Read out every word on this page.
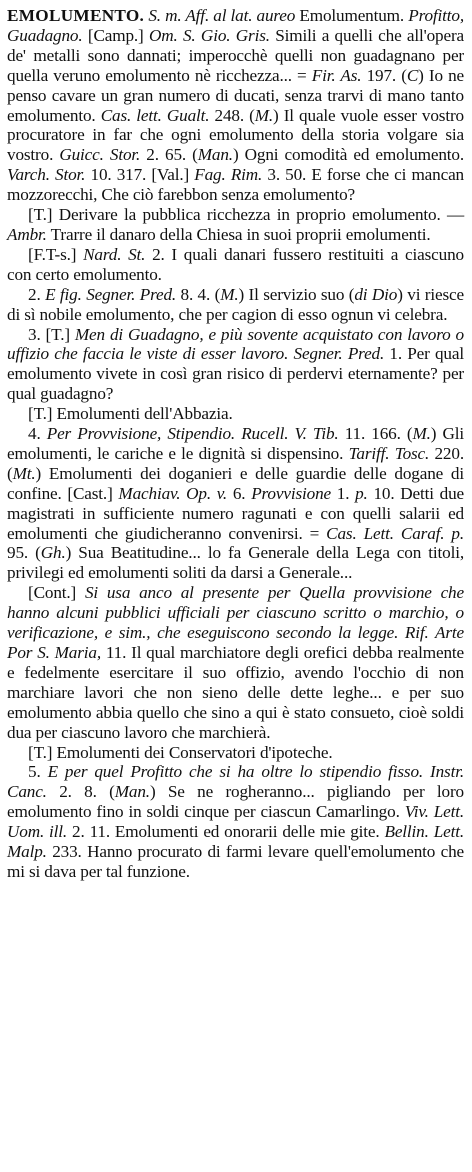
EMOLUMENTO. S. m. Aff. al lat. aureo Emolumentum. Profitto, Guadagno. [Camp.] Om. S. Gio. Gris. Simili a quelli che all'opera de' metalli sono dannati; imperocchè quelli non guadagnano per quella veruno emolumento nè ricchezza... = Fir. As. 197. (C) Io ne penso cavare un gran numero di ducati, senza trarvi di mano tanto emolumento. Cas. lett. Gualt. 248. (M.) Il quale vuole esser vostro procuratore in far che ogni emolumento della storia volgare sia vostro. Guicc. Stor. 2. 65. (Man.) Ogni comodità ed emolumento. Varch. Stor. 10. 317. [Val.] Fag. Rim. 3. 50. E forse che ci mancan mozzorecchi, Che ciò farebbon senza emolumento?

[T.] Derivare la pubblica ricchezza in proprio emolumento. — Ambr. Trarre il danaro della Chiesa in suoi proprii emolumenti.

[F.T-s.] Nard. St. 2. I quali danari fussero restituiti a ciascuno con certo emolumento.

2. E fig. Segner. Pred. 8. 4. (M.) Il servizio suo (di Dio) vi riesce di sì nobile emolumento, che per cagion di esso ognun vi celebra.

3. [T.] Men di Guadagno, e più sovente acquistato con lavoro o uffizio che faccia le viste di esser lavoro. Segner. Pred. 1. Per qual emolumento vivete in così gran risico di perdervi eternamente? per qual guadagno?

[T.] Emolumenti dell'Abbazia.

4. Per Provvisione, Stipendio. Rucell. V. Tib. 11. 166. (M.) Gli emolumenti, le cariche e le dignità si dispensino. Tariff. Tosc. 220. (Mt.) Emolumenti dei doganieri e delle guardie delle dogane di confine. [Cast.] Machiav. Op. v. 6. Provvisione 1. p. 10. Detti due magistrati in sufficiente numero ragunati e con quelli salarii ed emolumenti che giudicheranno convenirsi. = Cas. Lett. Caraf. p. 95. (Gh.) Sua Beatitudine... lo fa Generale della Lega con titoli, privilegi ed emolumenti soliti da darsi a Generale...

[Cont.] Si usa anco al presente per Quella provvisione che hanno alcuni pubblici ufficiali per ciascuno scritto o marchio, o verificazione, e sim., che eseguiscono secondo la legge. Rif. Arte Por S. Maria, 11. Il qual marchiatore degli orefici debba realmente e fedelmente esercitare il suo offizio, avendo l'occhio di non marchiare lavori che non sieno delle dette leghe... e per suo emolumento abbia quello che sino a qui è stato consueto, cioè soldi dua per ciascuno lavoro che marchierà.

[T.] Emolumenti dei Conservatori d'ipoteche.

5. E per quel Profitto che si ha oltre lo stipendio fisso. Instr. Canc. 2. 8. (Man.) Se ne rogheranno... pigliando per loro emolumento fino in soldi cinque per ciascun Camarlingo. Viv. Lett. Uom. ill. 2. 11. Emolumenti ed onorarii delle mie gite. Bellin. Lett. Malp. 233. Hanno procurato di farmi levare quell'emolumento che mi si dava per tal funzione.
